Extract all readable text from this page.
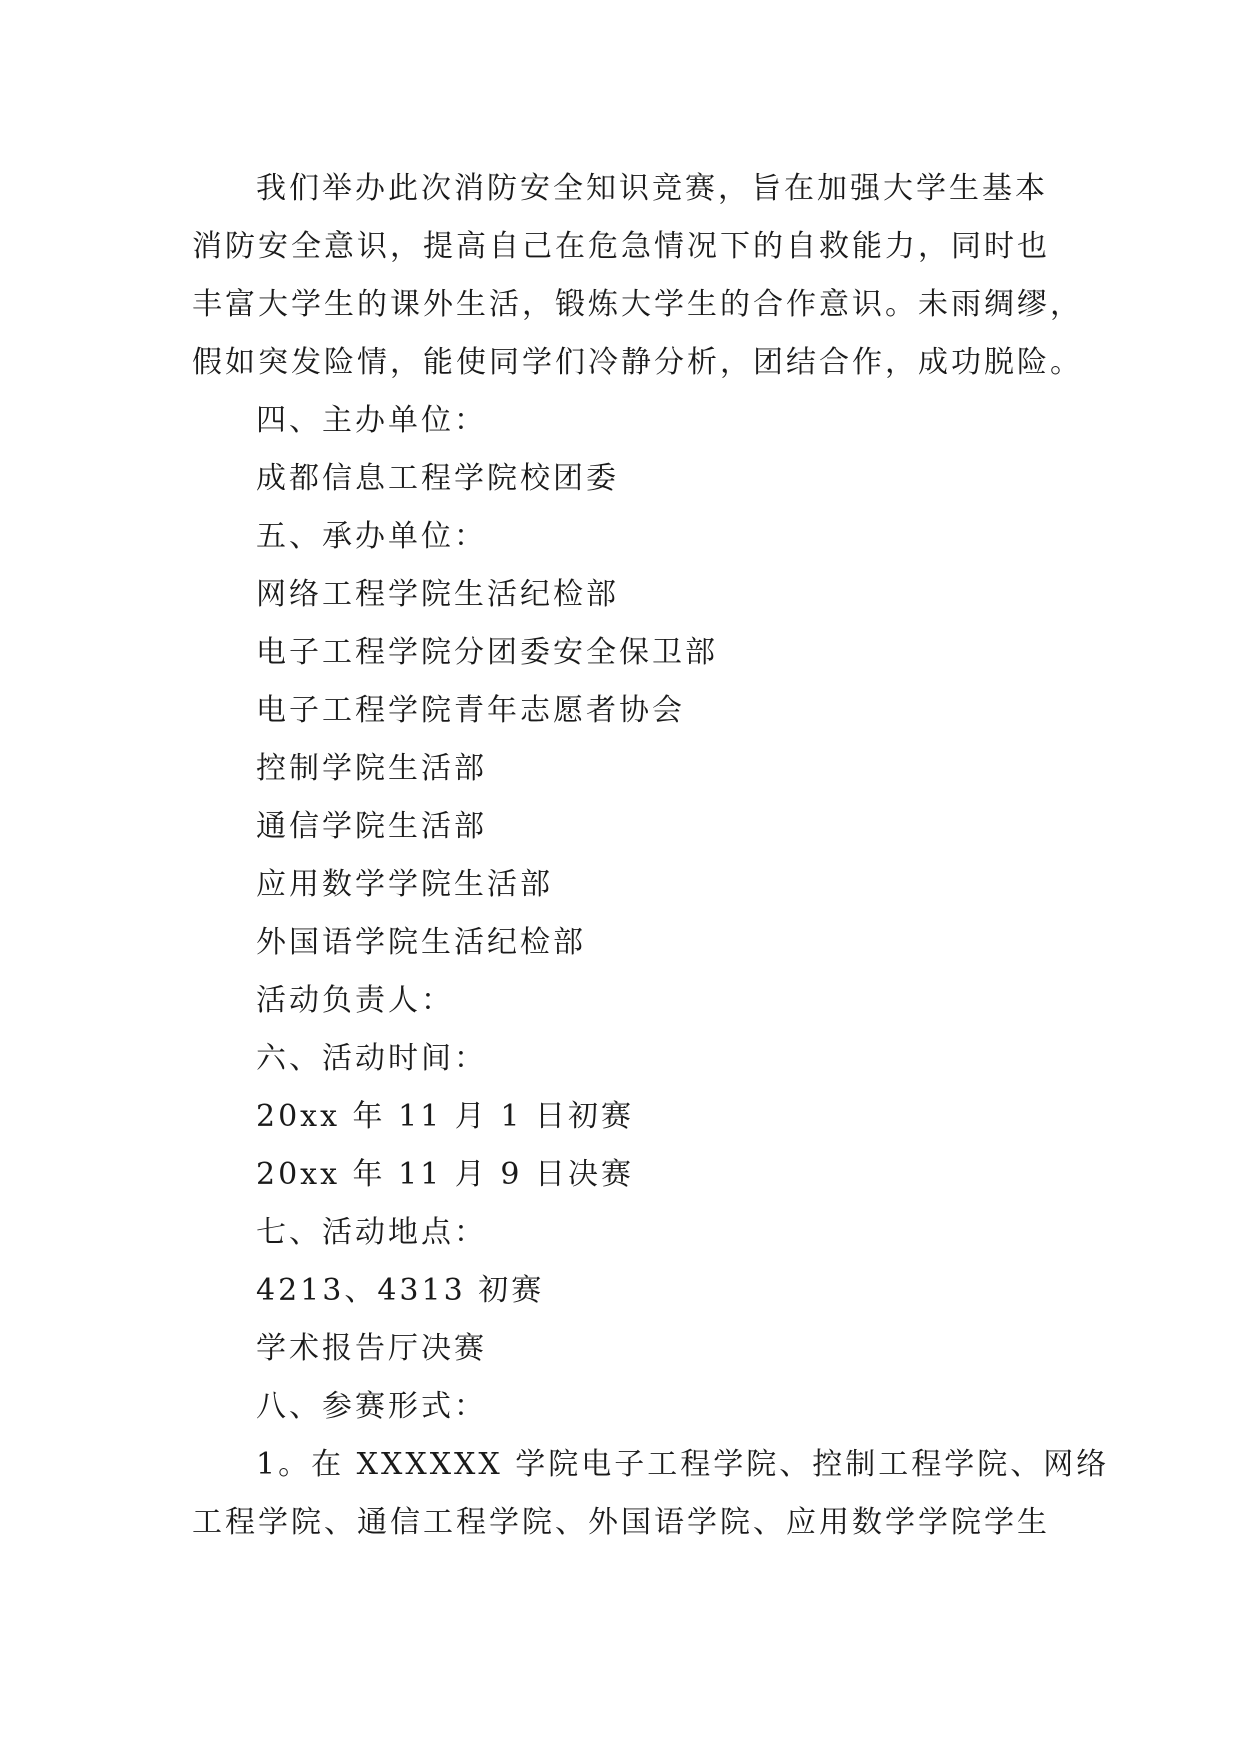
我们举办此次消防安全知识竞赛，旨在加强大学生基本
消防安全意识，提高自己在危急情况下的自救能力，同时也
丰富大学生的课外生活，锻炼大学生的合作意识。未雨绸缪，
假如突发险情，能使同学们冷静分析，团结合作，成功脱险。
四、主办单位：
成都信息工程学院校团委
五、承办单位：
网络工程学院生活纪检部
电子工程学院分团委安全保卫部
电子工程学院青年志愿者协会
控制学院生活部
通信学院生活部
应用数学学院生活部
外国语学院生活纪检部
活动负责人：
六、活动时间：
20xx 年 11 月 1 日初赛
20xx 年 11 月 9 日决赛
七、活动地点：
4213、4313 初赛
学术报告厅决赛
八、参赛形式：
1。在 XXXXXX 学院电子工程学院、控制工程学院、网络
工程学院、通信工程学院、外国语学院、应用数学学院学生
